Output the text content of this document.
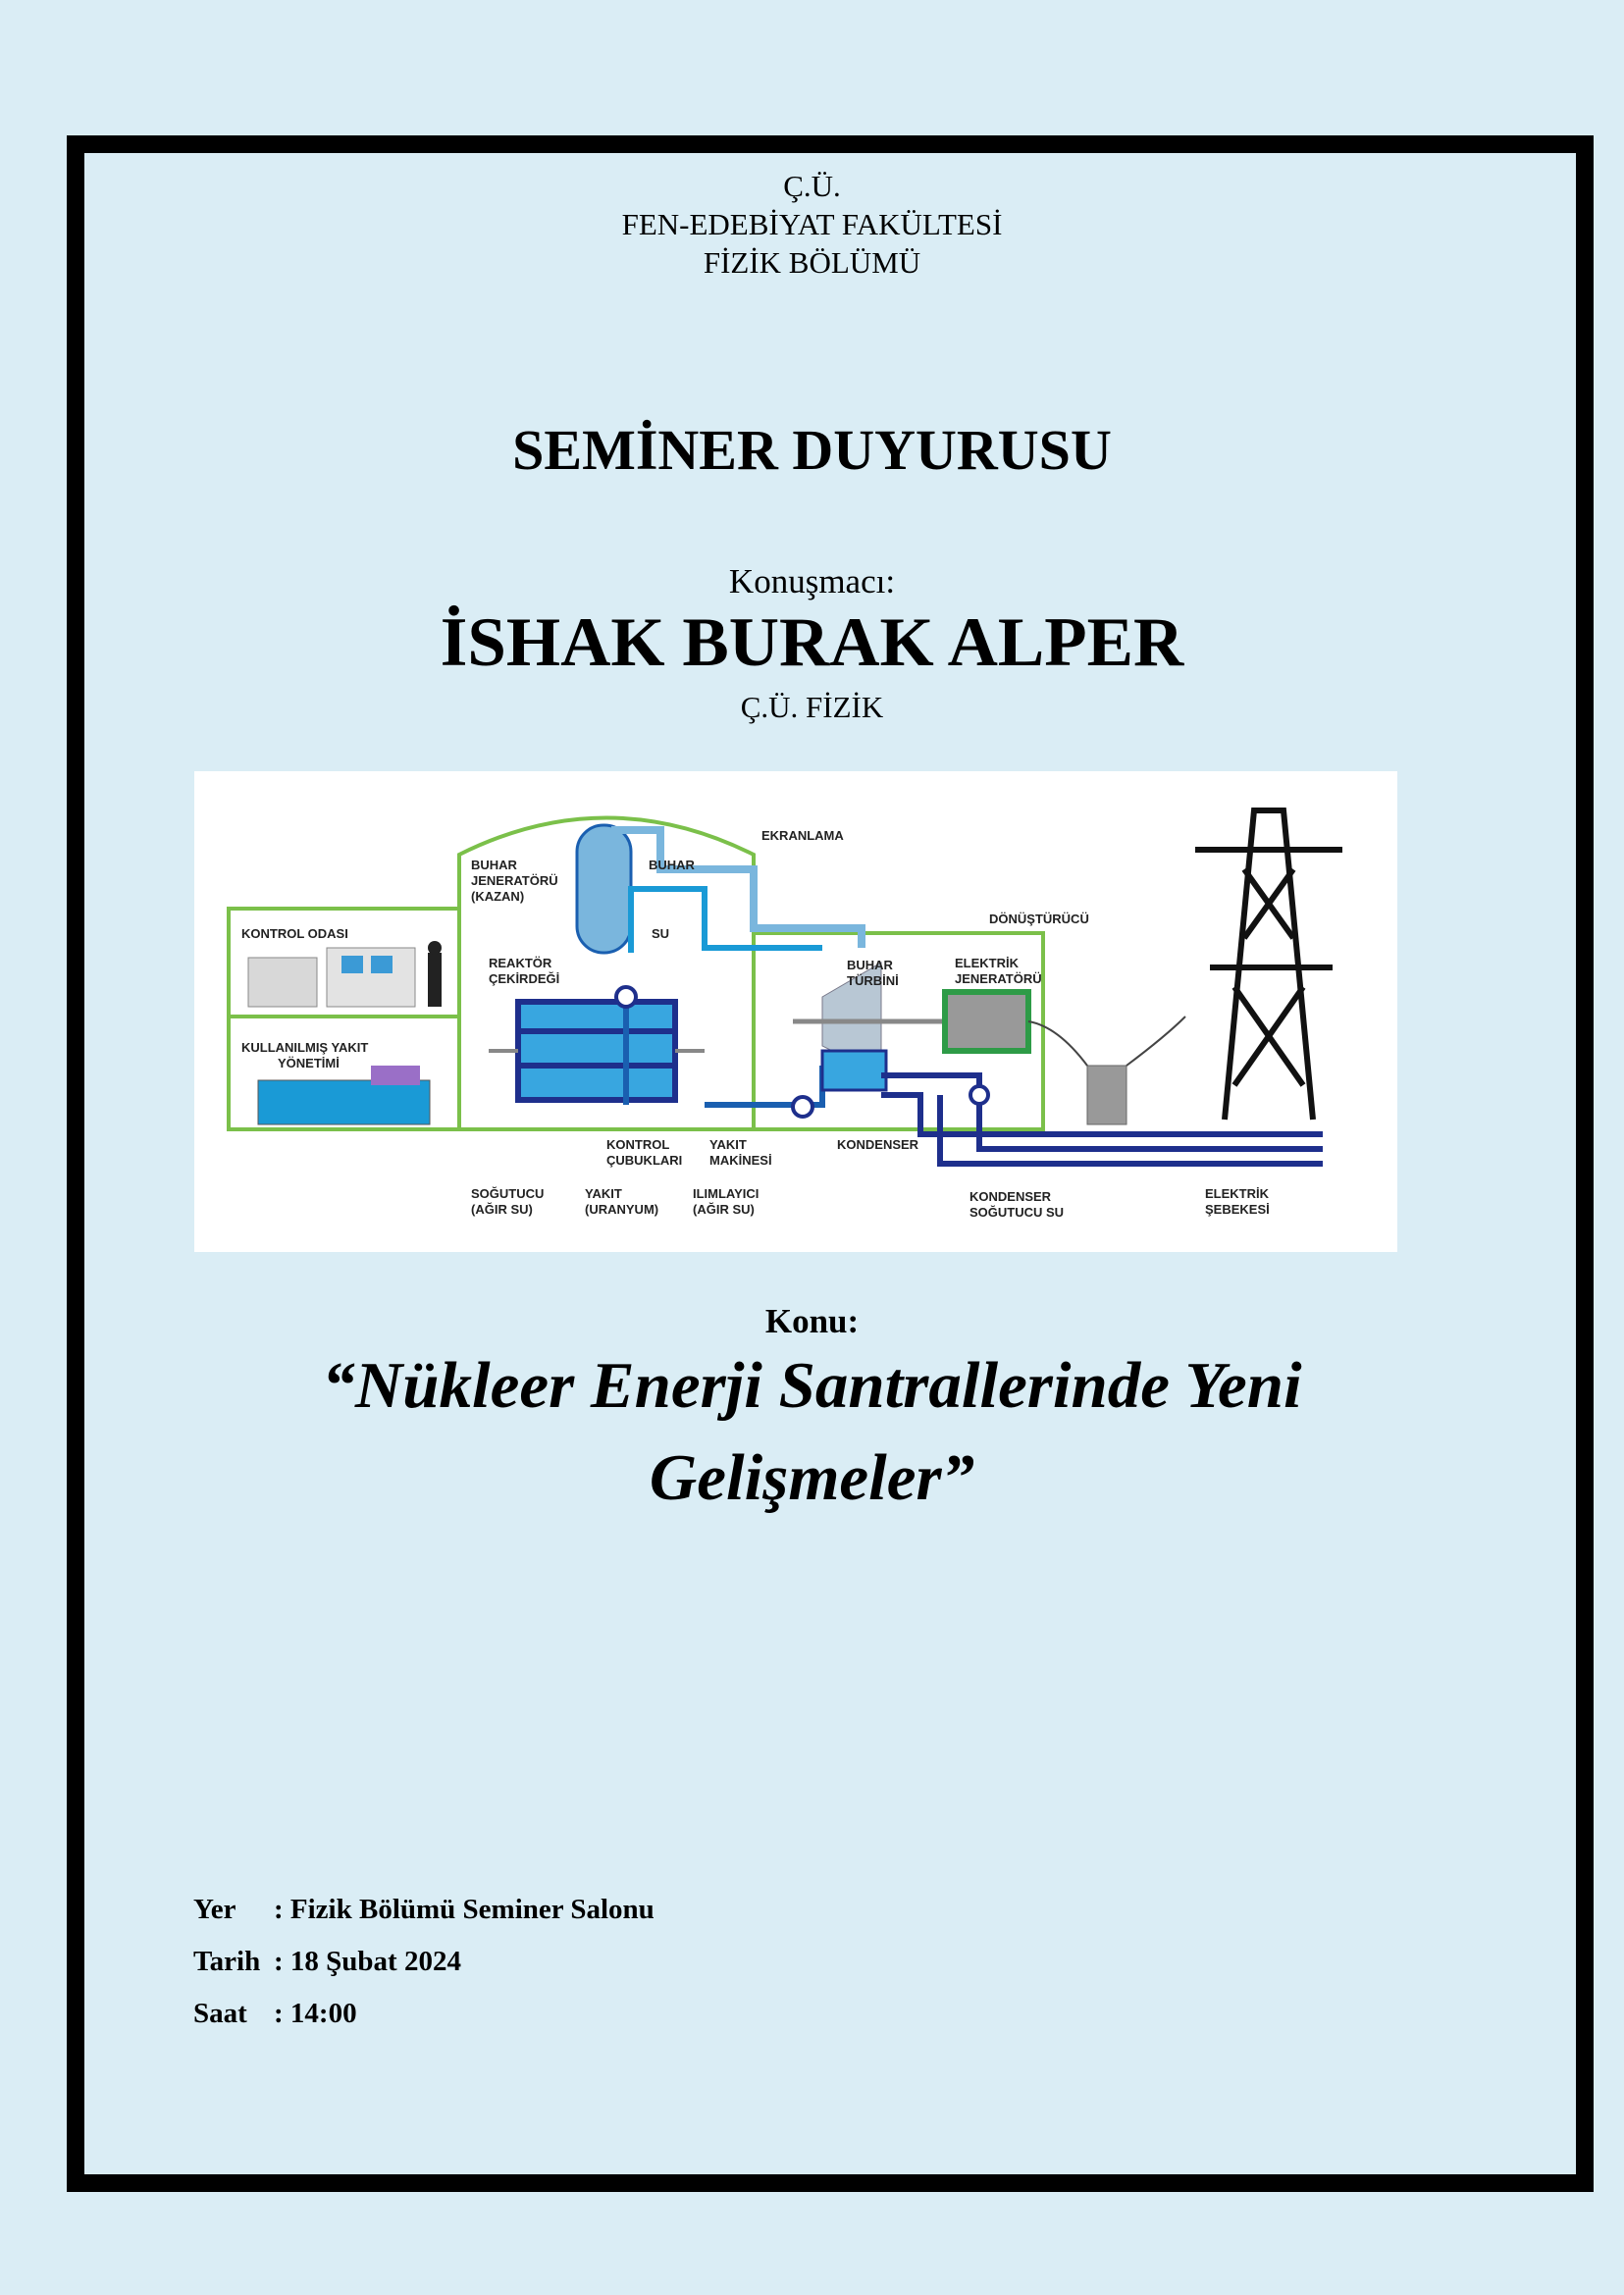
Ç.Ü.
FEN-EDEBİYAT FAKÜLTESİ
FİZİK BÖLÜMÜ
SEMİNER DUYURUSU
Konuşmacı:
İSHAK BURAK ALPER
Ç.Ü. FİZİK
EKRANLAMA
BUHAR
JENERATÖRÜ
(KAZAN)
BUHAR
SU
KONTROL ODASI
REAKTÖR
ÇEKİRDEĞİ
KULLANILMIŞ YAKIT
YÖNETİMİ
DÖNÜŞTÜRÜCÜ
BUHAR
TÜRBİNİ
ELEKTRİK
JENERATÖRÜ
KONTROL
ÇUBUKLARI
YAKIT
MAKİNESİ
KONDENSER
SOĞUTUCU
(AĞIR SU)
YAKIT
(URANYUM)
ILIMLAYICI
(AĞIR SU)
KONDENSER
SOĞUTUCU SU
ELEKTRİK
ŞEBEKESİ
Konu:
“Nükleer Enerji Santrallerinde Yeni
Gelişmeler”
Yer : Fizik Bölümü Seminer Salonu
Tarih : 18 Şubat 2024
Saat : 14:00
